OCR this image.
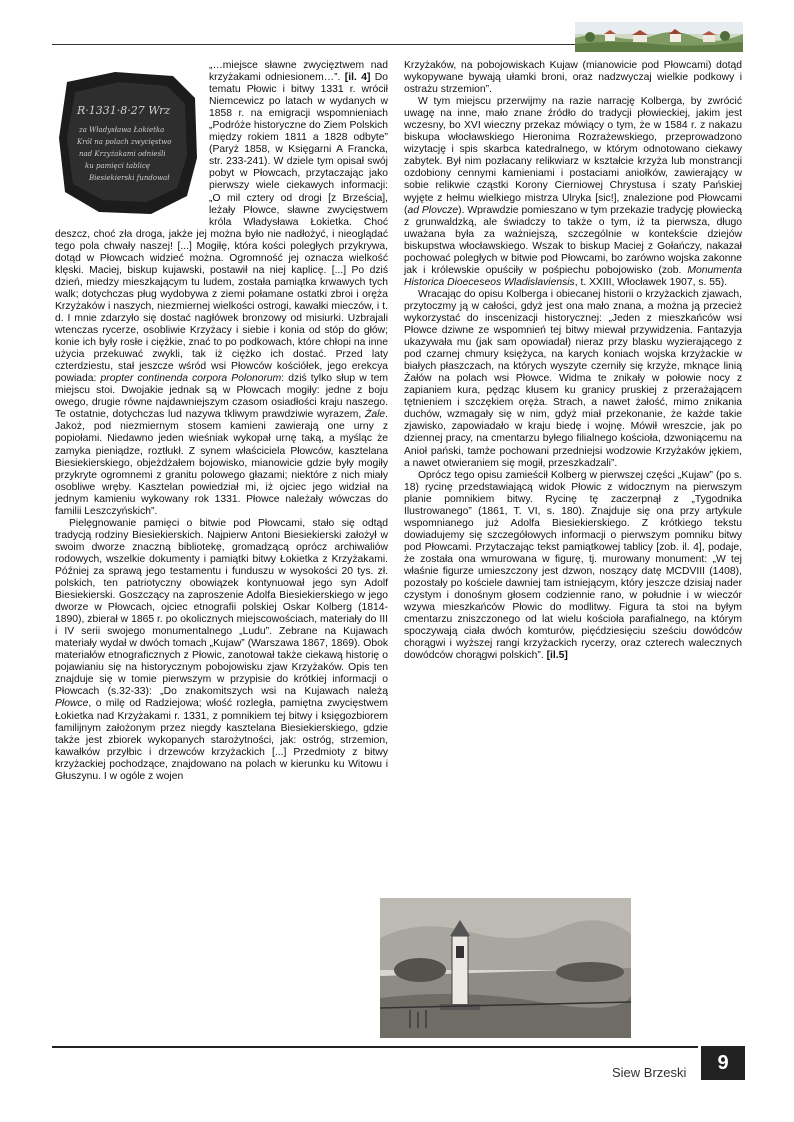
R·1331·8·27 Wrz
za Władysława Łokietka
Król na polach zwycięstwo
nad Krzyżakami odnieśli
ku pamięci tablicę
Biesiekierski fundował

„…miejsce sławne zwycięztwem nad krzyżakami odniesionem…”. [il. 4] Do tematu Płowic i bitwy 1331 r. wrócił Niemcewicz po latach w wydanych w 1858 r. na emigracji wspomnieniach „Podróże historyczne do Ziem Polskich między rokiem 1811 a 1828 odbyte” (Paryż 1858, w Księgarni A Francka, str. 233-241). W dziele tym opisał swój pobyt w Płowcach, przytaczając jako pierwszy wiele ciekawych informacji: „O mil cztery od drogi [z Brześcia], leżały Płowce, sławne zwycięstwem króla Władysława Łokietka. Choć deszcz, choć zła droga, jakże jej można było nie nadłożyć, i nieoglądać tego pola chwały naszej! [...] Mogiłę, która kości poległych przykrywa, dotąd w Płowcach widzieć można. Ogromność jej oznacza wielkość klęski. Maciej, biskup kujawski, postawił na niej kaplicę. [...] Po dziś dzień, miedzy mieszkającym tu ludem, została pamiątka krwawych tych walk; dotychczas pług wydobywa z ziemi połamane ostatki zbroi i oręża Krzyżaków i naszych, niezmiernej wielkości ostrogi, kawałki mieczów, i t. d. I mnie zdarzyło się dostać nagłówek bronzowy od misiurki. Uzbrajali wtenczas rycerze, osobliwie Krzyżacy i siebie i konia od stóp do głów; konie ich były rosłe i ciężkie, znać to po podkowach, które chłopi na inne użycia przekuwać zwykli, tak iż ciężko ich dostać. Przed laty czterdziestu, stał jeszcze wśród wsi Płowców kościółek, jego erekcya powiada: propter continenda corpora Polonorum: dziś tylko słup w tem miejscu stoi. Dwojakie jednak są w Płowcach mogiły: jedne z boju owego, drugie równe najdawniejszym czasom osiadłości kraju naszego. Te ostatnie, dotychczas lud nazywa tkliwym prawdziwie wyrazem, Żale. Jakoż, pod niezmiernym stosem kamieni zawierają one urny z popiołami. Niedawno jeden wieśniak wykopał urnę taką, a myśląc że zamyka pieniądze, roztłukł. Z synem właściciela Płowców, kasztelana Biesiekierskiego, objeżdżałem bojowisko, mianowicie gdzie były mogiły przykryte ogromnemi z granitu polowego głazami; niektóre z nich miały osobliwe wręby. Kasztelan powiedział mi, iż ojciec jego widział na jednym kamieniu wykowany rok 1331. Płowce należały wówczas do familii Leszczyńskich”.

Pielęgnowanie pamięci o bitwie pod Płowcami, stało się odtąd tradycją rodziny Biesiekierskich. Najpierw Antoni Biesiekierski założył w swoim dworze znaczną bibliotekę, gromadzącą oprócz archiwaliów rodowych, wszelkie dokumenty i pamiątki bitwy Łokietka z Krzyżakami. Później za sprawą jego testamentu i funduszu w wysokości 20 tys. zł. polskich, ten patriotyczny obowiązek kontynuował jego syn Adolf Biesiekierski. Goszczący na zaproszenie Adolfa Biesiekierskiego w jego dworze w Płowcach, ojciec etnografii polskiej Oskar Kolberg (1814-1890), zbierał w 1865 r. po okolicznych miejscowościach, materiały do III i IV serii swojego monumentalnego „Ludu”. Zebrane na Kujawach materiały wydał w dwóch tomach „Kujaw” (Warszawa 1867, 1869). Obok materiałów etnograficznych z Płowic, zanotował także ciekawą historię o pojawianiu się na historycznym pobojowisku zjaw Krzyżaków. Opis ten znajduje się w tomie pierwszym w przypisie do krótkiej informacji o Płowcach (s.32-33): „Do znakomitszych wsi na Kujawach należą Płowce, o milę od Radziejowa; włość rozległa, pamiętna zwycięstwem Łokietka nad Krzyżakami r. 1331, z pomnikiem tej bitwy i księgozbiorem familijnym założonym przez niegdy kasztelana Biesiekierskiego, gdzie także jest zbiorek wykopanych starożytności, jak: ostróg, strzemion, kawałków przyłbic i drzewców krzyżackich [...] Przedmioty z bitwy krzyżackiej pochodzące, znajdowano na polach w kierunku ku Witowu i Głuszynu. I w ogóle z wojen

Krzyżaków, na pobojowiskach Kujaw (mianowicie pod Płowcami) dotąd wykopywane bywają ułamki broni, oraz nadzwyczaj wielkie podkowy i ostrażu strzemion”.

W tym miejscu przerwijmy na razie narrację Kolberga, by zwrócić uwagę na inne, mało znane źródło do tradycji płowieckiej, jakim jest wczesny, bo XVI wieczny przekaz mówiący o tym, że w 1584 r. z nakazu biskupa włocławskiego Hieronima Rozrażewskiego, przeprowadzono wizytację i spis skarbca katedralnego, w którym odnotowano ciekawy zabytek. Był nim pozłacany relikwiarz w kształcie krzyża lub monstrancji ozdobiony cennymi kamieniami i postaciami aniołków, zawierający w sobie relikwie cząstki Korony Cierniowej Chrystusa i szaty Pańskiej wyjęte z hełmu wielkiego mistrza Ulryka [sic!], znalezione pod Płowcami (ad Plovcze). Wprawdzie pomieszano w tym przekazie tradycję płowiecką z grunwaldzką, ale świadczy to także o tym, iż ta pierwsza, długo uważana była za ważniejszą, szczególnie w kontekście dziejów biskupstwa włocławskiego. Wszak to biskup Maciej z Gołańczy, nakazał pochować poległych w bitwie pod Płowcami, bo zarówno wojska zakonne jak i królewskie opuściły w pośpiechu pobojowisko (zob. Monumenta Historica Dioeceseos Wladislaviensis, t. XXIII, Włocławek 1907, s. 55).

Wracając do opisu Kolberga i obiecanej historii o krzyżackich zjawach, przytoczmy ją w całości, gdyż jest ona mało znana, a można ją przecież wykorzystać do inscenizacji historycznej: „Jeden z mieszkańców wsi Płowce dziwne ze wspomnień tej bitwy miewał przywidzenia. Fantazyja ukazywała mu (jak sam opowiadał) nieraz przy blasku wyzierającego z pod czarnej chmury księżyca, na karych koniach wojska krzyżackie w białych płaszczach, na których wyszyte czerniły się krzyże, mknące linią Żałów na polach wsi Płowce. Widma te znikały w połowie nocy z zapianiem kura, pędząc kłusem ku granicy pruskiej z przerażającem tętnieniem i szczękiem oręża. Strach, a nawet żałość, mimo znikania duchów, wzmagały się w nim, gdyż miał przekonanie, że każde takie zjawisko, zapowiadało w kraju biedę i wojnę. Mówił wreszcie, jak po dziennej pracy, na cmentarzu byłego filialnego kościoła, dzwoniącemu na Anioł pański, tamże pochowani przedniejsi wodzowie Krzyżaków jękiem, a nawet otwieraniem się mogił, przeszkadzali”.

Oprócz tego opisu zamieścił Kolberg w pierwszej części „Kujaw” (po s. 18) rycinę przedstawiającą widok Płowic z widocznym na pierwszym planie pomnikiem bitwy. Rycinę tę zaczerpnął z „Tygodnika Ilustrowanego” (1861, T. VI, s. 180). Znajduje się ona przy artykule wspomnianego już Adolfa Biesiekierskiego. Z krótkiego tekstu dowiadujemy się szczegółowych informacji o pierwszym pomniku bitwy pod Płowcami. Przytaczając tekst pamiątkowej tablicy [zob. il. 4], podaje, że została ona wmurowana w figurę, tj. murowany monument: „W tej właśnie figurze umieszczony jest dzwon, noszący datę MCDVIII (1408), pozostały po kościele dawniej tam istniejącym, który jeszcze dzisiaj nader czystym i donośnym głosem codziennie rano, w południe i w wieczór wzywa mieszkańców Płowic do modlitwy. Figura ta stoi na byłym cmentarzu zniszczonego od lat wielu kościoła parafialnego, na którym spoczywają ciała dwóch komturów, pięćdziesięciu sześciu dowódców chorągwi i wyższej rangi krzyżackich rycerzy, oraz czterech walecznych dowódców chorągwi polskich”. [il.5]

Siew Brzeski	9
